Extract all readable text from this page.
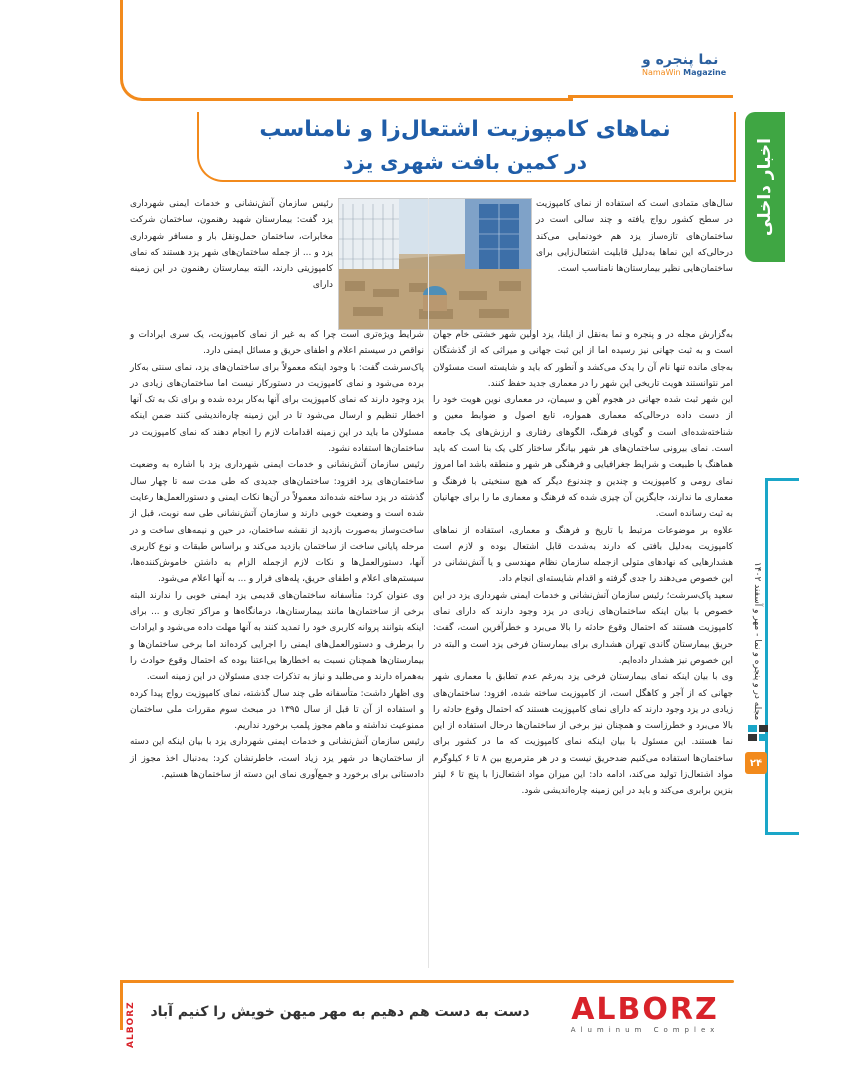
نما پنجره و
NamaWin Magazine
اخبار داخلی
مجله در و پنجره و نما - مهر و آسفند ۱۴۰۲
۲۴
نماهای کامپوزیت اشتعال‌زا و نامناسب
در کمین بافت شهری یزد

سال‌های متمادی است که استفاده از نمای کامپوزیت در سطح کشور رواج یافته و چند سالی است در ساختمان‌های تازه‌ساز یزد هم خودنمایی می‌کند درحالی‌که این نماها به‌دلیل قابلیت اشتعال‌زایی برای ساختمان‌هایی نظیر بیمارستان‌ها نامناسب است.

به‌گزارش مجله در و پنجره و نما به‌نقل از ایلنا، یزد اولین شهر خشتی خام جهان است و به ثبت جهانی نیز رسیده اما از این ثبت جهانی و میراثی که از گذشتگان به‌جای مانده تنها نام آن را یدک می‌کشد و آنطور که باید و شایسته است مسئولان امر نتوانستند هویت تاریخی این شهر را در معماری جدید حفظ کنند.

این شهر ثبت شده جهانی در هجوم آهن و سیمان، در معماری نوین هویت خود را از دست داده درحالی‌که معماری همواره، تابع اصول و ضوابط معین و شناخته‌شده‌ای است و گویای فرهنگ، الگوهای رفتاری و ارزش‌های یک جامعه است. نمای بیرونی ساختمان‌های هر شهر بیانگر ساختار کلی یک بنا است که باید هماهنگ با طبیعت و شرایط جغرافیایی و فرهنگی هر شهر و منطقه باشد اما امروز نمای رومی و کامپوزیت و چندین و چندنوع دیگر که هیچ سنخیتی با فرهنگ و معماری ما ندارند، جایگزین آن چیزی شده که فرهنگ و معماری ما را برای جهانیان به ثبت رسانده است.

علاوه بر موضوعات مرتبط با تاریخ و فرهنگ و معماری، استفاده از نماهای کامپوزیت به‌دلیل بافتی که دارند به‌شدت قابل اشتعال بوده و لازم است هشدارهایی که نهادهای متولی ازجمله سازمان نظام مهندسی و یا آتش‌نشانی در این خصوص می‌دهند را جدی گرفته و اقدام شایسته‌ای انجام داد.

سعید پاک‌سرشت؛ رئیس سازمان آتش‌نشانی و خدمات ایمنی شهرداری یزد در این خصوص با بیان اینکه ساختمان‌های زیادی در یزد وجود دارند که دارای نمای کامپوزیت هستند که احتمال وقوع حادثه را بالا می‌برد و خطرآفرین است، گفت: حریق بیمارستان گاندی تهران هشداری برای بیمارستان فرخی یزد است و البته در این خصوص نیز هشدار داده‌ایم.

وی با بیان اینکه نمای بیمارستان فرخی یزد به‌رغم عدم تطابق با معماری شهر جهانی که از آجر و کاهگل است، از کامپوزیت ساخته شده، افزود: ساختمان‌های زیادی در یزد وجود دارند که دارای نمای کامپوزیت هستند که احتمال وقوع حادثه را بالا می‌برد و خطرزاست و همچنان نیز برخی از ساختمان‌ها درحال استفاده از این نما هستند. این مسئول با بیان اینکه نمای کامپوزیت که ما در کشور برای ساختمان‌ها استفاده می‌کنیم ضدحریق نیست و در هر مترمربع بین ۸ تا ۶ کیلوگرم مواد اشتعال‌زا تولید می‌کند، ادامه داد: این میزان مواد اشتعال‌زا با پنج تا ۶ لیتر بنزین برابری می‌کند و باید در این زمینه چاره‌اندیشی شود.

رئیس سازمان آتش‌نشانی و خدمات ایمنی شهرداری یزد گفت: بیمارستان شهید رهنمون، ساختمان شرکت مخابرات، ساختمان حمل‌ونقل بار و مسافر شهرداری یزد و ... از جمله ساختمان‌های شهر یزد هستند که نمای کامپوزیتی دارند، البته بیمارستان رهنمون در این زمینه دارای

شرایط ویژه‌تری است چرا که به غیر از نمای کامپوزیت، یک سری ایرادات و نواقص در سیستم اعلام و اطفای حریق و مسائل ایمنی دارد.

پاک‌سرشت گفت: با وجود اینکه معمولاً برای ساختمان‌های یزد، نمای سنتی به‌کار برده می‌شود و نمای کامپوزیت در دستورکار نیست اما ساختمان‌های زیادی در یزد وجود دارند که نمای کامپوزیت برای آنها به‌کار برده شده و برای تک به تک آنها اخطار تنظیم و ارسال می‌شود تا در این زمینه چاره‌اندیشی کنند ضمن اینکه مسئولان ما باید در این زمینه اقدامات لازم را انجام دهند که نمای کامپوزیت در ساختمان‌ها استفاده نشود.

رئیس سازمان آتش‌نشانی و خدمات ایمنی شهرداری یزد با اشاره به وضعیت ساختمان‌های یزد افزود: ساختمان‌های جدیدی که طی مدت سه تا چهار سال گذشته در یزد ساخته شده‌اند معمولاً در آن‌ها نکات ایمنی و دستورالعمل‌ها رعایت شده است و وضعیت خوبی دارند و سازمان آتش‌نشانی طی سه نوبت، قبل از ساخت‌وساز به‌صورت بازدید از نقشه ساختمان، در حین و نیمه‌های ساخت و در مرحله پایانی ساخت از ساختمان بازدید می‌کند و براساس طبقات و نوع کاربری آنها، دستورالعمل‌ها و نکات لازم ازجمله الزام به داشتن خاموش‌کننده‌ها، سیستم‌های اعلام و اطفای حریق، پله‌های فرار و ... به آنها اعلام می‌شود.

وی عنوان کرد: متأسفانه ساختمان‌های قدیمی یزد ایمنی خوبی را ندارند البته برخی از ساختمان‌ها مانند بیمارستان‌ها، درمانگاه‌ها و مراکز تجاری و ... برای اینکه بتوانند پروانه کاربری خود را تمدید کنند به آنها مهلت داده می‌شود و ایرادات را برطرف و دستورالعمل‌های ایمنی را اجرایی کرده‌اند اما برخی ساختمان‌ها و بیمارستان‌ها همچنان نسبت به اخطارها بی‌اعتنا بوده که احتمال وقوع حوادث را به‌همراه دارند و می‌طلبد و نیاز به تذکرات جدی مسئولان در این زمینه است.

وی اظهار داشت: متأسفانه طی چند سال گذشته، نمای کامپوزیت رواج پیدا کرده و استفاده از آن تا قبل از سال ۱۳۹۵ در مبحث سوم مقررات ملی ساختمان ممنوعیت نداشته و ماهم مجوز پلمب برخورد نداریم.

رئیس سازمان آتش‌نشانی و خدمات ایمنی شهرداری یزد با بیان اینکه این دسته از ساختمان‌ها در شهر یزد زیاد است، خاطرنشان کرد: به‌دنبال اخذ مجوز از دادستانی برای برخورد و جمع‌آوری نمای این دسته از ساختمان‌ها هستیم.

ALBORZ میهن خویش را کنیم آباد دست به دست هم دهیم به مهر	ALBORZ
Aluminum Complex
